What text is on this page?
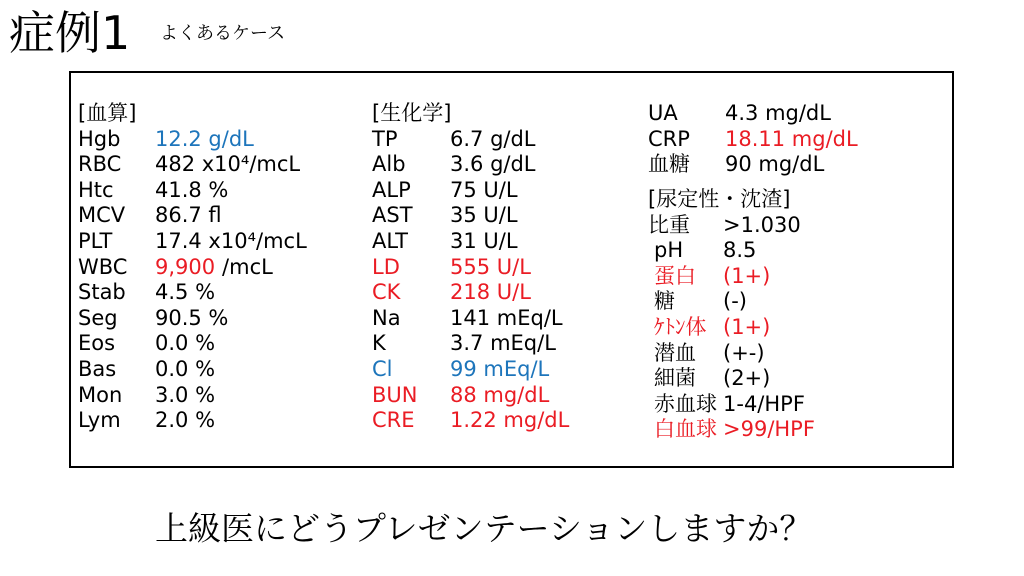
症例1 よくあるケース
[血算]
Hgb	12.2 g/dL
RBC	482 x10⁴/mcL
Htc	41.8 %
MCV	86.7 fl
PLT	17.4 x10⁴/mcL
WBC	9,900 /mcL
Stab	4.5 %
Seg	90.5 %
Eos	0.0 %
Bas	0.0 %
Mon	3.0 %
Lym	2.0 %
[生化学]
TP	6.7 g/dL
Alb	3.6 g/dL
ALP	75 U/L
AST	35 U/L
ALT	31 U/L
LD	555 U/L
CK	218 U/L
Na	141 mEq/L
K	3.7 mEq/L
Cl	99 mEq/L
BUN	88 mg/dL
CRE	1.22 mg/dL
UA	4.3 mg/dL
CRP	18.11 mg/dL
血糖	90 mg/dL
[尿定性・沈渣]
比重	>1.030
pH	8.5
蛋白	(1+)
糖	(-)
ｹﾄﾝ体 (1+)
潜血	(+-)
細菌	(2+)
赤血球 1-4/HPF
白血球 >99/HPF
上級医にどうプレゼンテーションしますか？
